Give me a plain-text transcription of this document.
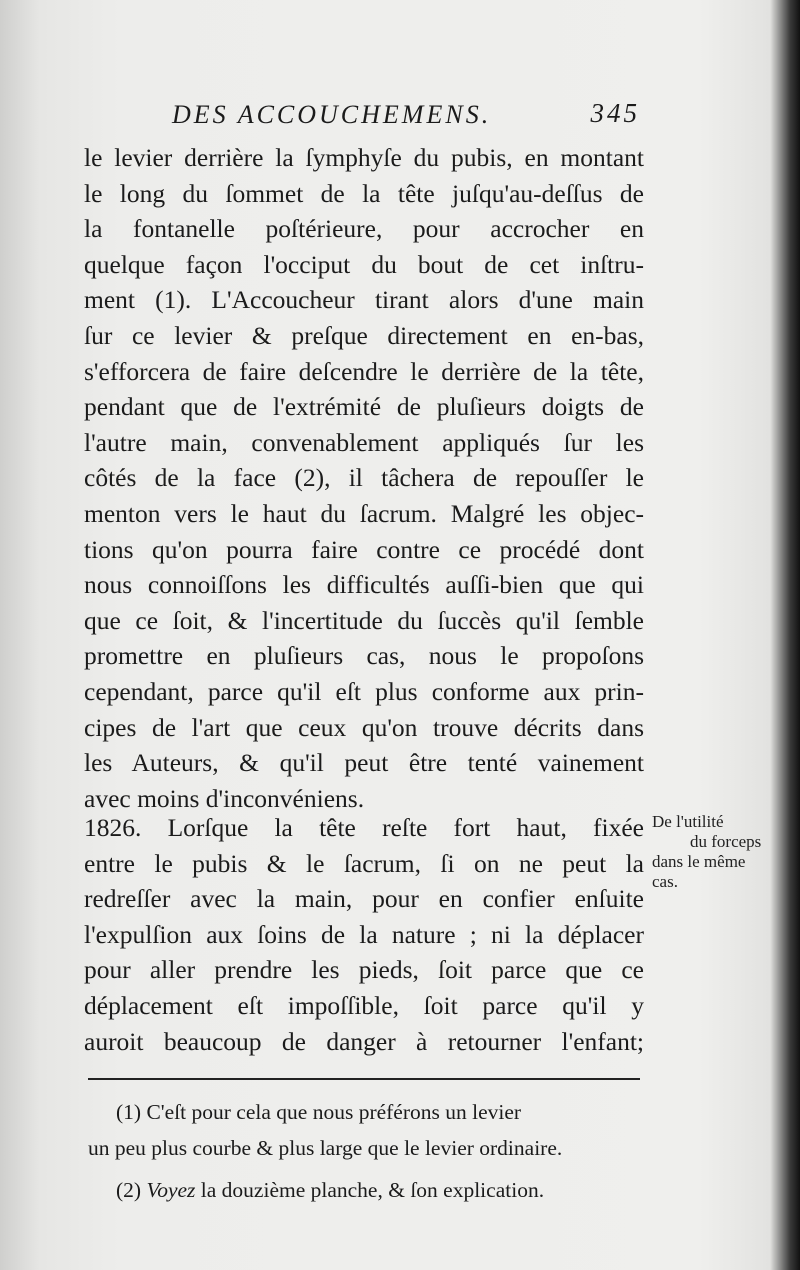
DES ACCOUCHEMENS.	345
le levier derrière la ſymphyſe du pubis, en montant
le long du ſommet de la tête juſqu'au-deſſus de
la fontanelle poſtérieure, pour accrocher en
quelque façon l'occiput du bout de cet inſtru-
ment (1). L'Accoucheur tirant alors d'une main
ſur ce levier & preſque directement en en-bas,
s'efforcera de faire deſcendre le derrière de la tête,
pendant que de l'extrémité de pluſieurs doigts de
l'autre main, convenablement appliqués ſur les
côtés de la face (2), il tâchera de repouſſer le
menton vers le haut du ſacrum. Malgré les objec-
tions qu'on pourra faire contre ce procédé dont
nous connoiſſons les difficultés auſſi-bien que qui
que ce ſoit, & l'incertitude du ſuccès qu'il ſemble
promettre en pluſieurs cas, nous le propoſons
cependant, parce qu'il eſt plus conforme aux prin-
cipes de l'art que ceux qu'on trouve décrits dans
les Auteurs, & qu'il peut être tenté vainement
avec moins d'inconvéniens.
1826. Lorſque la tête reſte fort haut, fixée
entre le pubis & le ſacrum, ſi on ne peut la
redreſſer avec la main, pour en confier enſuite
l'expulſion aux ſoins de la nature ; ni la déplacer
pour aller prendre les pieds, ſoit parce que ce
déplacement eſt impoſſible, ſoit parce qu'il y
auroit beaucoup de danger à retourner l'enfant;
De l'utilité
du forceps
dans le même
cas.
(1) C'eſt pour cela que nous préférons un levier
un peu plus courbe & plus large que le levier ordinaire.
(2) Voyez la douzième planche, & ſon explication.
